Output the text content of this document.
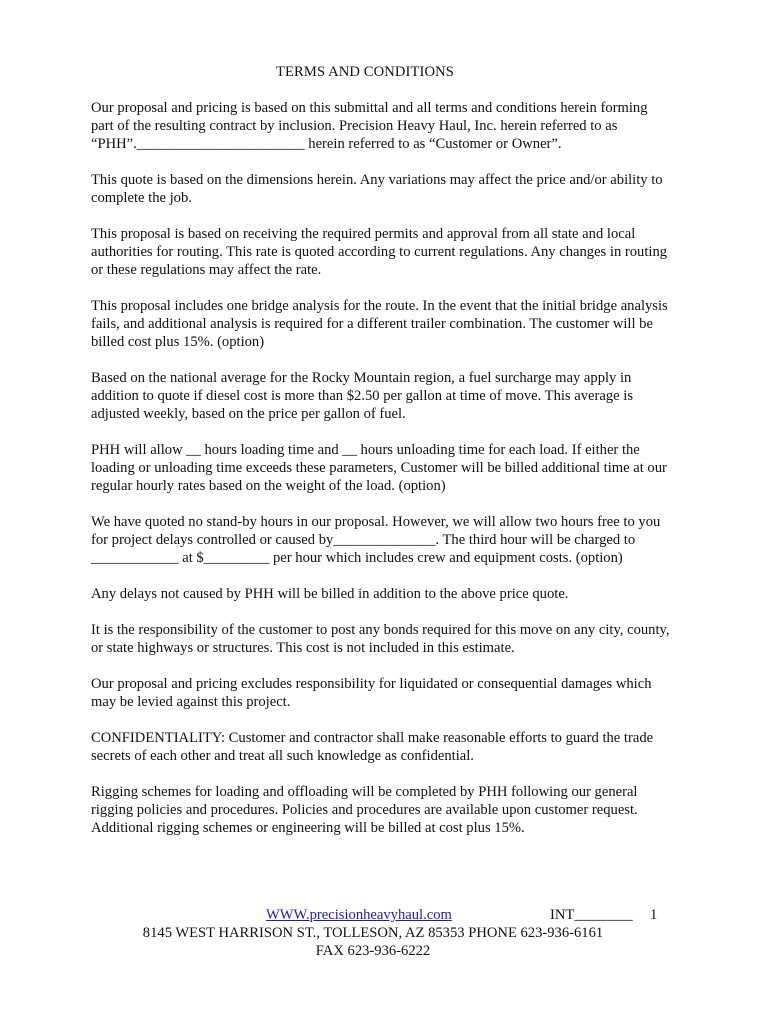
TERMS AND CONDITIONS

Our proposal and pricing is based on this submittal and all terms and conditions herein forming part of the resulting contract by inclusion. Precision Heavy Haul, Inc. herein referred to as “PHH”._______________________ herein referred to as “Customer or Owner”.

This quote is based on the dimensions herein. Any variations may affect the price and/or ability to complete the job.

This proposal is based on receiving the required permits and approval from all state and local authorities for routing. This rate is quoted according to current regulations. Any changes in routing or these regulations may affect the rate.

This proposal includes one bridge analysis for the route. In the event that the initial bridge analysis fails, and additional analysis is required for a different trailer combination. The customer will be billed cost plus 15%. (option)

Based on the national average for the Rocky Mountain region, a fuel surcharge may apply in addition to quote if diesel cost is more than $2.50 per gallon at time of move. This average is adjusted weekly, based on the price per gallon of fuel.

PHH will allow __ hours loading time and __ hours unloading time for each load. If either the loading or unloading time exceeds these parameters, Customer will be billed additional time at our regular hourly rates based on the weight of the load. (option)

We have quoted no stand-by hours in our proposal. However, we will allow two hours free to you for project delays controlled or caused by______________. The third hour will be charged to ____________ at $_________ per hour which includes crew and equipment costs. (option)

Any delays not caused by PHH will be billed in addition to the above price quote.

It is the responsibility of the customer to post any bonds required for this move on any city, county, or state highways or structures. This cost is not included in this estimate.

Our proposal and pricing excludes responsibility for liquidated or consequential damages which may be levied against this project.

CONFIDENTIALITY: Customer and contractor shall make reasonable efforts to guard the trade secrets of each other and treat all such knowledge as confidential.

Rigging schemes for loading and offloading will be completed by PHH following our general rigging policies and procedures. Policies and procedures are available upon customer request. Additional rigging schemes or engineering will be billed at cost plus 15%.

WWW.precisionheavyhaul.com	INT________ 1
8145 WEST HARRISON ST., TOLLESON, AZ 85353 PHONE 623-936-6161
FAX 623-936-6222
